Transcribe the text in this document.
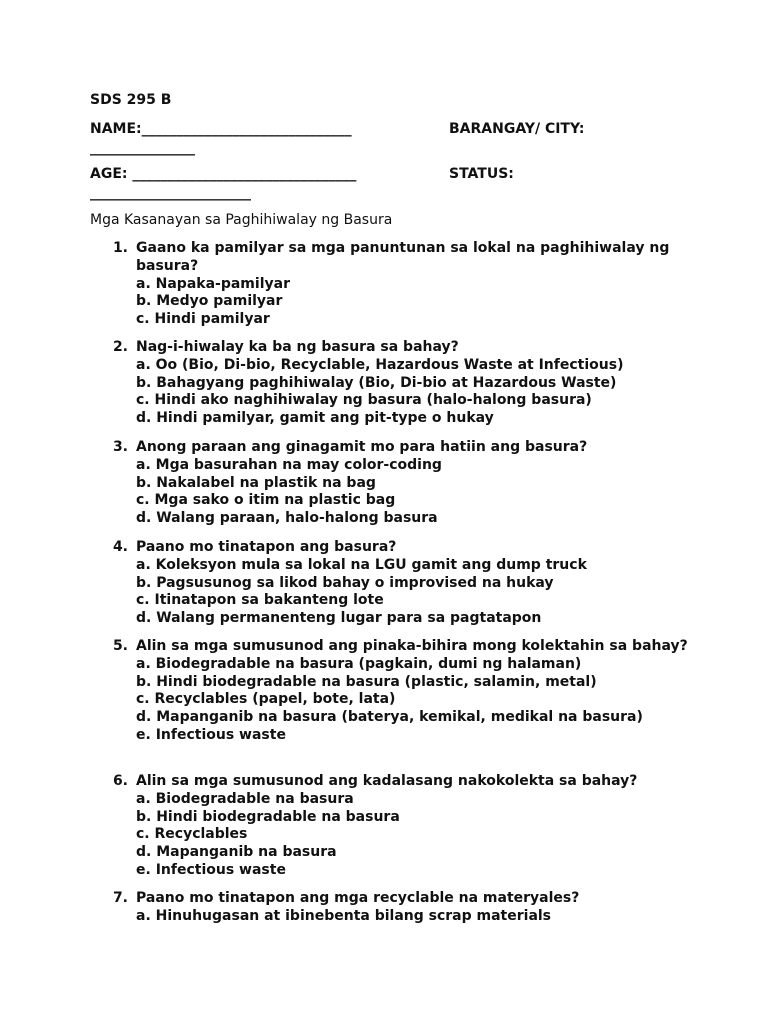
SDS 295 B
NAME:______________________________	BARANGAY/ CITY:
_______________
AGE: ________________________________	STATUS:
_______________________
Mga Kasanayan sa Paghihiwalay ng Basura
1. Gaano ka pamilyar sa mga panuntunan sa lokal na paghihiwalay ng basura?
a. Napaka-pamilyar
b. Medyo pamilyar
c. Hindi pamilyar
2. Nag-i-hiwalay ka ba ng basura sa bahay?
a. Oo (Bio, Di-bio, Recyclable, Hazardous Waste at Infectious)
b. Bahagyang paghihiwalay (Bio, Di-bio at Hazardous Waste)
c. Hindi ako naghihiwalay ng basura (halo-halong basura)
d. Hindi pamilyar, gamit ang pit-type o hukay
3. Anong paraan ang ginagamit mo para hatiin ang basura?
a. Mga basurahan na may color-coding
b. Nakalabel na plastik na bag
c. Mga sako o itim na plastic bag
d. Walang paraan, halo-halong basura
4. Paano mo tinatapon ang basura?
a. Koleksyon mula sa lokal na LGU gamit ang dump truck
b. Pagsusunog sa likod bahay o improvised na hukay
c. Itinatapon sa bakanteng lote
d. Walang permanenteng lugar para sa pagtatapon
5. Alin sa mga sumusunod ang pinaka-bihira mong kolektahin sa bahay?
a. Biodegradable na basura (pagkain, dumi ng halaman)
b. Hindi biodegradable na basura (plastic, salamin, metal)
c. Recyclables (papel, bote, lata)
d. Mapanganib na basura (baterya, kemikal, medikal na basura)
e. Infectious waste
6. Alin sa mga sumusunod ang kadalasang nakokolekta sa bahay?
a. Biodegradable na basura
b. Hindi biodegradable na basura
c. Recyclables
d. Mapanganib na basura
e. Infectious waste
7. Paano mo tinatapon ang mga recyclable na materyales?
a. Hinuhugasan at ibinebenta bilang scrap materials
